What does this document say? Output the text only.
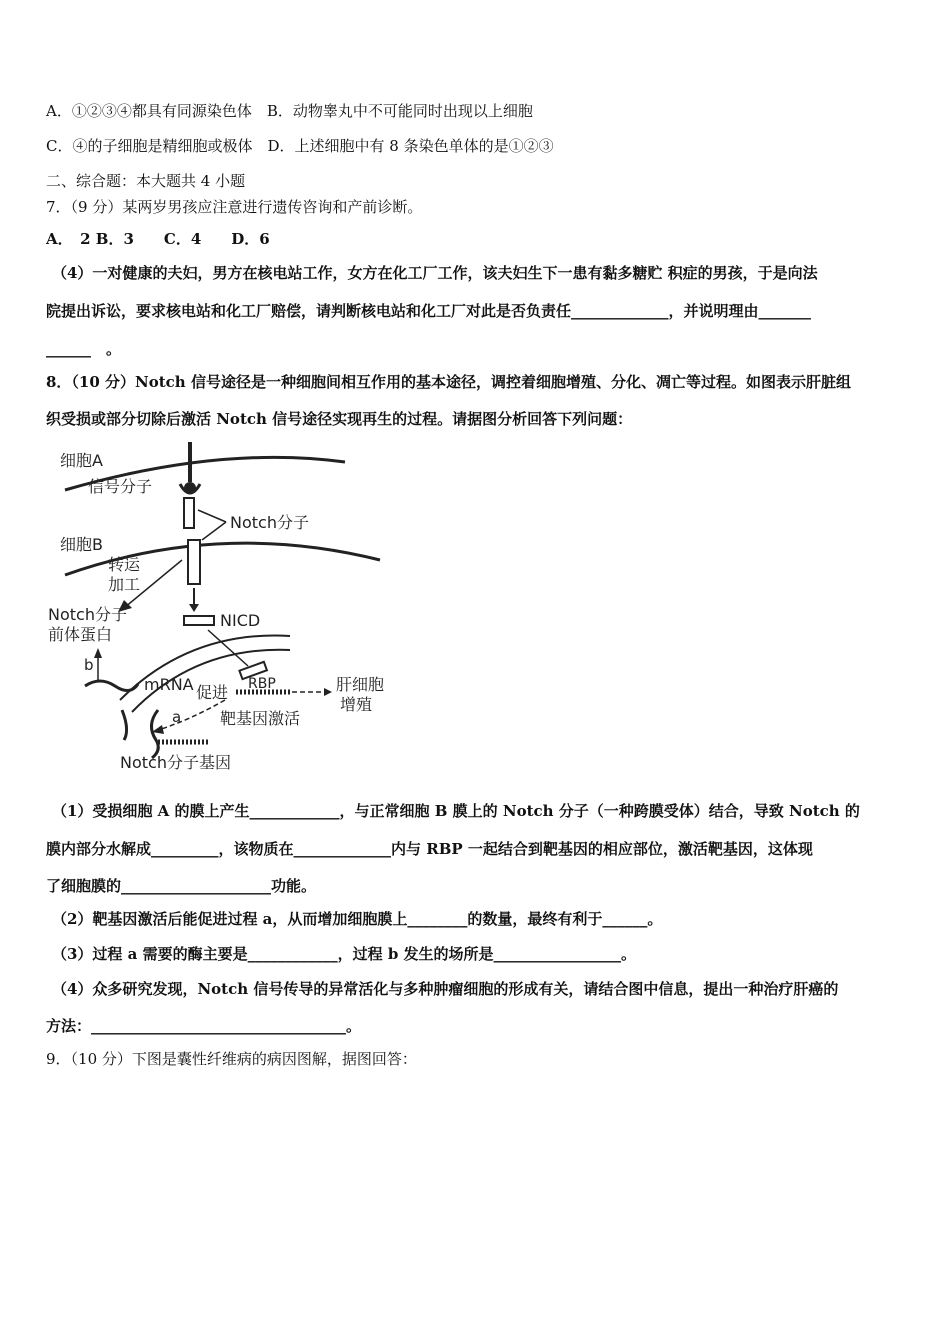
A．①②③④都具有同源染色体　B．动物睾丸中不可能同时出现以上细胞
C．④的子细胞是精细胞或极体　D．上述细胞中有 8 条染色单体的是①②③
二、综合题：本大题共 4 小题
7．（9 分）某两岁男孩应注意进行遗传咨询和产前诊断。
A．　2 B．3　　C．4　　D．6
（4）一对健康的夫妇，男方在核电站工作，女方在化工厂工作，该夫妇生下一患有黏多糖贮 积症的男孩，于是向法
院提出诉讼，要求核电站和化工厂赔偿，请判断核电站和化工厂对此是否负责任_____________，并说明理由_______
______　。
8．（10 分）Notch 信号途径是一种细胞间相互作用的基本途径，调控着细胞增殖、分化、凋亡等过程。如图表示肝脏组
织受损或部分切除后激活 Notch 信号途径实现再生的过程。请据图分析回答下列问题：
细胞A
信号分子
Notch分子
细胞B
转运
加工
Notch分子
前体蛋白
NICD
b
mRNA 促进 RBP	肝细胞
增殖
a 靶基因激活
Notch分子基因
（1）受损细胞 A 的膜上产生____________，与正常细胞 B 膜上的 Notch 分子（一种跨膜受体）结合，导致 Notch 的
膜内部分水解成_________，该物质在_____________内与 RBP 一起结合到靶基因的相应部位，激活靶基因，这体现
了细胞膜的____________________功能。
（2）靶基因激活后能促进过程 a，从而增加细胞膜上________的数量，最终有利于______。
（3）过程 a 需要的酶主要是____________，过程 b 发生的场所是_________________。
（4）众多研究发现，Notch 信号传导的异常活化与多种肿瘤细胞的形成有关，请结合图中信息，提出一种治疗肝癌的
方法：__________________________________。
9．（10 分）下图是囊性纤维病的病因图解，据图回答：
